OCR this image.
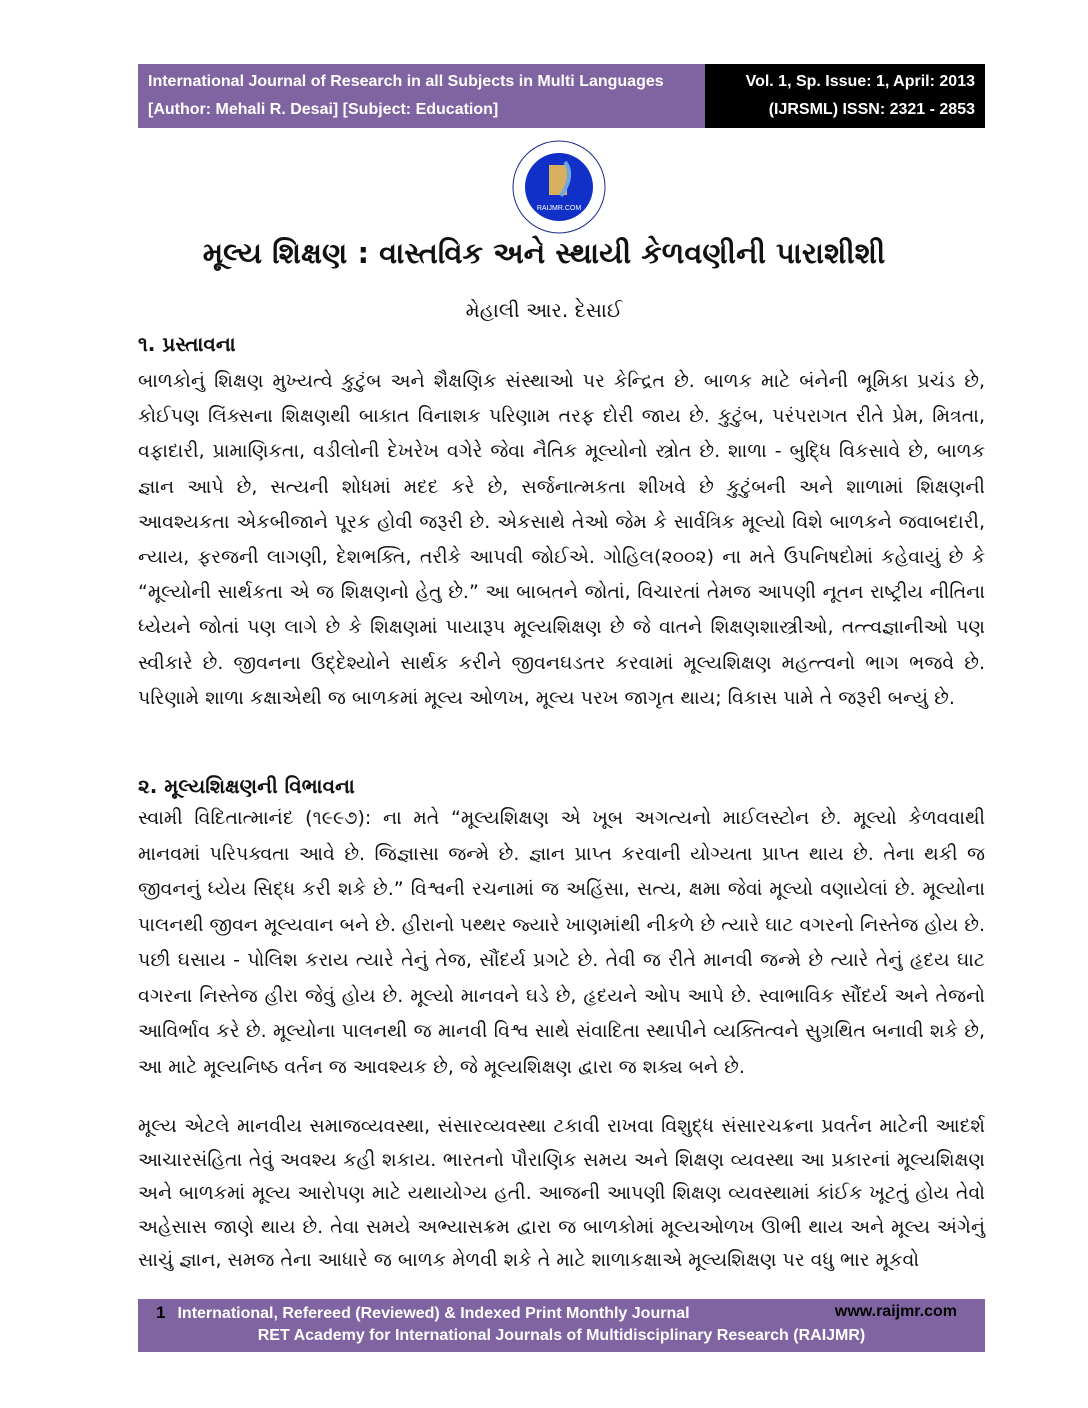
International Journal of Research in all Subjects in Multi Languages
[Author: Mehali R. Desai] [Subject: Education]
Vol. 1, Sp. Issue: 1, April: 2013
(IJRSML) ISSN: 2321 - 2853
RAIJMR.COM
મૂલ્ય શિક્ષણ : વાસ્તવિક અને સ્થાયી કેળવણીની પારાશીશી
મેહાલી આર. દેસાઈ
૧. પ્રસ્તાવના
બાળકોનું શિક્ષણ મુખ્યત્વે કુટુંબ અને શૈક્ષણિક સંસ્થાઓ પર કેન્દ્રિત છે. બાળક માટે બંનેની ભૂમિકા પ્રચંડ છે, કોઈપણ લિંક્સના શિક્ષણથી બાકાત વિનાશક પરિણામ તરફ દોરી જાય છે. કુટુંબ, પરંપરાગત રીતે પ્રેમ, મિત્રતા, વફાદારી, પ્રામાણિકતા, વડીલોની દેખરેખ વગેરે જેવા નૈતિક મૂલ્યોનો સ્ત્રોત છે. શાળા - બુદ્ધિ વિકસાવે છે, બાળક જ્ઞાન આપે છે, સત્યની શોધમાં મદદ કરે છે, સર્જનાત્મકતા શીખવે છે કુટુંબની અને શાળામાં શિક્ષણની આવશ્યકતા એકબીજાને પૂરક હોવી જરૂરી છે. એકસાથે તેઓ જેમ કે સાર્વત્રિક મૂલ્યો વિશે બાળકને જવાબદારી, ન્યાય, ફરજની લાગણી, દેશભક્તિ, તરીકે આપવી જોઈએ. ગોહિલ(૨૦૦૨) ના મતે ઉપનિષદોમાં કહેવાયું છે કે “મૂલ્યોની સાર્થકતા એ જ શિક્ષણનો હેતુ છે.” આ બાબતને જોતાં, વિચારતાં તેમજ આપણી નૂતન રાષ્ટ્રીય નીતિના ધ્યેયને જોતાં પણ લાગે છે કે શિક્ષણમાં પાયારૂપ મૂલ્યશિક્ષણ છે જે વાતને શિક્ષણશાસ્ત્રીઓ, તત્ત્વજ્ઞાનીઓ પણ સ્વીકારે છે. જીવનના ઉદ્દેશ્યોને સાર્થક કરીને જીવનઘડતર કરવામાં મૂલ્યશિક્ષણ મહત્ત્વનો ભાગ ભજવે છે. પરિણામે શાળા કક્ષાએથી જ બાળકમાં મૂલ્ય ઓળખ, મૂલ્ય પરખ જાગૃત થાય; વિકાસ પામે તે જરૂરી બન્યું છે.
૨. મૂલ્યશિક્ષણની વિભાવના
સ્વામી વિદિતાત્માનંદ (૧૯૯૭): ના મતે “મૂલ્યશિક્ષણ એ ખૂબ અગત્યનો માઈલસ્ટોન છે. મૂલ્યો કેળવવાથી માનવમાં પરિપક્વતા આવે છે. જિજ્ઞાસા જન્મે છે. જ્ઞાન પ્રાપ્ત કરવાની યોગ્યતા પ્રાપ્ત થાય છે. તેના થકી જ જીવનનું ધ્યેય સિદ્ધ કરી શકે છે.” વિશ્વની રચનામાં જ અહિંસા, સત્ય, ક્ષમા જેવાં મૂલ્યો વણાયેલાં છે. મૂલ્યોના પાલનથી જીવન મૂલ્યવાન બને છે. હીરાનો પથ્થર જ્યારે ખાણમાંથી નીકળે છે ત્યારે ઘાટ વગરનો નિસ્તેજ હોય છે. પછી ઘસાય - પોલિશ કરાય ત્યારે તેનું તેજ, સૌંદર્ય પ્રગટે છે. તેવી જ રીતે માનવી જન્મે છે ત્યારે તેનું હૃદય ઘાટ વગરના નિસ્તેજ હીરા જેવું હોય છે. મૂલ્યો માનવને ઘડે છે, હૃદયને ઓપ આપે છે. સ્વાભાવિક સૌંદર્ય અને તેજનો આવિર્ભાવ કરે છે. મૂલ્યોના પાલનથી જ માનવી વિશ્વ સાથે સંવાદિતા સ્થાપીને વ્યક્તિત્વને સુગ્રથિત બનાવી શકે છે, આ માટે મૂલ્યનિષ્ઠ વર્તન જ આવશ્યક છે, જે મૂલ્યશિક્ષણ દ્વારા જ શક્ય બને છે.
મૂલ્ય એટલે માનવીય સમાજવ્યવસ્થા, સંસારવ્યવસ્થા ટકાવી રાખવા વિશુદ્ધ સંસારચક્રના પ્રવર્તન માટેની આદર્શ આચારસંહિતા તેવું અવશ્ય કહી શકાય. ભારતનો પૌરાણિક સમય અને શિક્ષણ વ્યવસ્થા આ પ્રકારનાં મૂલ્યશિક્ષણ અને બાળકમાં મૂલ્ય આરોપણ માટે યથાયોગ્ય હતી. આજની આપણી શિક્ષણ વ્યવસ્થામાં કાંઈક ખૂટતું હોય તેવો અહેસાસ જાણે થાય છે. તેવા સમયે અભ્યાસક્રમ દ્વારા જ બાળકોમાં મૂલ્યઓળખ ઊભી થાય અને મૂલ્ય અંગેનું સાચું જ્ઞાન, સમજ તેના આધારે જ બાળક મેળવી શકે તે માટે શાળાકક્ષાએ મૂલ્યશિક્ષણ પર વધુ ભાર મૂકવો
1 International, Refereed (Reviewed) & Indexed Print Monthly Journal	www.raijmr.com
RET Academy for International Journals of Multidisciplinary Research (RAIJMR)
